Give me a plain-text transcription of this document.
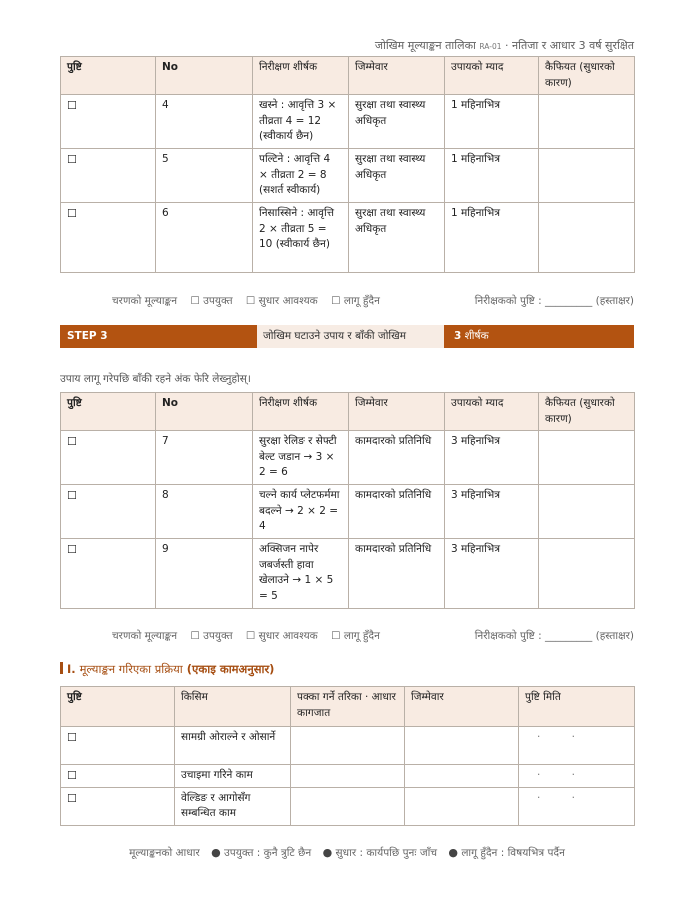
जोखिम मूल्याङ्कन तालिका RA-01 · नतिजा र आधार 3 वर्ष सुरक्षित
पुष्टि	No	निरीक्षण शीर्षक	जिम्मेवार	उपायको म्याद	कैफियत (सुधारको कारण)
☐	4	खस्ने : आवृत्ति 3 × तीव्रता 4 = 12 (स्वीकार्य छैन)	सुरक्षा तथा स्वास्थ्य अधिकृत	1 महिनाभित्र	
☐	5	पल्टिने : आवृत्ति 4 × तीव्रता 2 = 8 (सशर्त स्वीकार्य)	सुरक्षा तथा स्वास्थ्य अधिकृत	1 महिनाभित्र	
☐	6	निसास्सिने : आवृत्ति 2 × तीव्रता 5 = 10 (स्वीकार्य छैन)	सुरक्षा तथा स्वास्थ्य अधिकृत	1 महिनाभित्र	
चरणको मूल्याङ्कन ☐ उपयुक्त ☐ सुधार आवश्यक ☐ लागू हुँदैन	निरीक्षकको पुष्टि : _________ (हस्ताक्षर)
STEP 3	जोखिम घटाउने उपाय र बाँकी जोखिम	3 शीर्षक
उपाय लागू गरेपछि बाँकी रहने अंक फेरि लेख्नुहोस्।
पुष्टि	No	निरीक्षण शीर्षक	जिम्मेवार	उपायको म्याद	कैफियत (सुधारको कारण)
☐	7	सुरक्षा रेलिङ र सेफ्टी बेल्ट जडान → 3 × 2 = 6	कामदारको प्रतिनिधि	3 महिनाभित्र	
☐	8	चल्ने कार्य प्लेटफर्ममा बदल्ने → 2 × 2 = 4	कामदारको प्रतिनिधि	3 महिनाभित्र	
☐	9	अक्सिजन नापेर जबर्जस्ती हावा खेलाउने → 1 × 5 = 5	कामदारको प्रतिनिधि	3 महिनाभित्र	
चरणको मूल्याङ्कन ☐ उपयुक्त ☐ सुधार आवश्यक ☐ लागू हुँदैन	निरीक्षकको पुष्टि : _________ (हस्ताक्षर)
I. मूल्याङ्कन गरिएका प्रक्रिया (एकाइ कामअनुसार)
पुष्टि	किसिम	पक्का गर्ने तरिका · आधार कागजात	जिम्मेवार	पुष्टि मिति
☐	सामग्री ओराल्ने र ओसार्ने			· ·
☐	उचाइमा गरिने काम			· ·
☐	वेल्डिङ र आगोसँग सम्बन्धित काम			· ·
मूल्याङ्कनको आधार ● उपयुक्त : कुनै त्रुटि छैन ● सुधार : कार्यपछि पुनः जाँच ● लागू हुँदैन : विषयभित्र पर्दैन
